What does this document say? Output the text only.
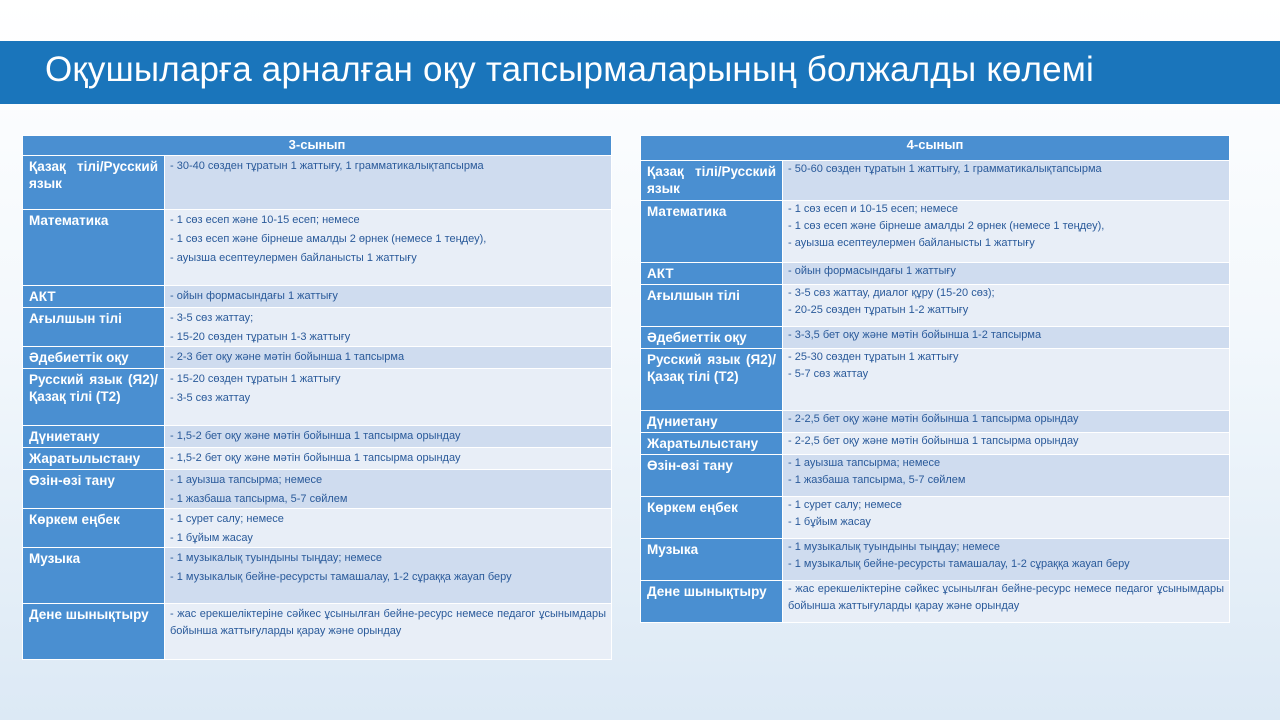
Оқушыларға арналған оқу тапсырмаларының болжалды көлемі
3-сынып	
Қазақ тілі/Русский язык	- 30-40 сөзден тұратын 1 жаттығу, 1 грамматикалықтапсырма

Математика	- 1 сөз есеп және 10-15 есеп; немесе
- 1 сөз есеп және бірнеше амалды 2 өрнек (немесе 1 теңдеу),
- ауызша есептеулермен байланысты 1 жаттығу

АКТ	- ойын формасындағы 1 жаттығу

Ағылшын тілі	- 3-5 сөз жаттау;
- 15-20 сөзден тұратын 1-3 жаттығу

Әдебиеттік оқу	- 2-3 бет оқу және мәтін бойынша 1 тапсырма

Русский язык (Я2)/Қазақ тілі (Т2)	- 15-20 сөзден тұратын 1 жаттығу
- 3-5 сөз жаттау

Дүниетану	- 1,5-2 бет оқу және мәтін бойынша 1 тапсырма орындау

Жаратылыстану	- 1,5-2 бет оқу және мәтін бойынша 1 тапсырма орындау

Өзін-өзі тану	- 1 ауызша тапсырма; немесе
- 1 жазбаша тапсырма, 5-7 сөйлем

Көркем еңбек	- 1 сурет салу; немесе
- 1 бұйым жасау

Музыка	- 1 музыкалық туындыны тыңдау; немесе
- 1 музыкалық бейне-ресурсты тамашалау, 1-2 сұраққа жауап беру

Дене шынықтыру	- жас ерекшеліктеріне сәйкес ұсынылған бейне-ресурс немесе педагог ұсынымдары бойынша жаттығуларды қарау және орындау
4-сынып	
Қазақ тілі/Русский язык	- 50-60 сөзден тұратын 1 жаттығу, 1 грамматикалықтапсырма

Математика	- 1 сөз есеп и 10-15 есеп; немесе
- 1 сөз есеп және бірнеше амалды 2 өрнек (немесе 1 теңдеу),
- ауызша есептеулермен байланысты 1 жаттығу

АКТ	- ойын формасындағы 1 жаттығу

Ағылшын тілі	- 3-5 сөз жаттау, диалог құру (15-20 сөз);
- 20-25 сөзден тұратын 1-2 жаттығу

Әдебиеттік оқу	- 3-3,5 бет оқу және мәтін бойынша 1-2 тапсырма

Русский язык (Я2)/Қазақ тілі (Т2)	- 25-30 сөзден тұратын 1 жаттығу
- 5-7 сөз жаттау

Дүниетану	- 2-2,5 бет оқу және мәтін бойынша 1 тапсырма орындау

Жаратылыстану	- 2-2,5 бет оқу және мәтін бойынша 1 тапсырма орындау

Өзін-өзі тану	- 1 ауызша тапсырма; немесе
- 1 жазбаша тапсырма, 5-7 сөйлем

Көркем еңбек	- 1 сурет салу; немесе
- 1 бұйым жасау

Музыка	- 1 музыкалық туындыны тыңдау; немесе
- 1 музыкалық бейне-ресурсты тамашалау, 1-2 сұраққа жауап беру

Дене шынықтыру	- жас ерекшеліктеріне сәйкес ұсынылған бейне-ресурс немесе педагог ұсынымдары бойынша жаттығуларды қарау және орындау
